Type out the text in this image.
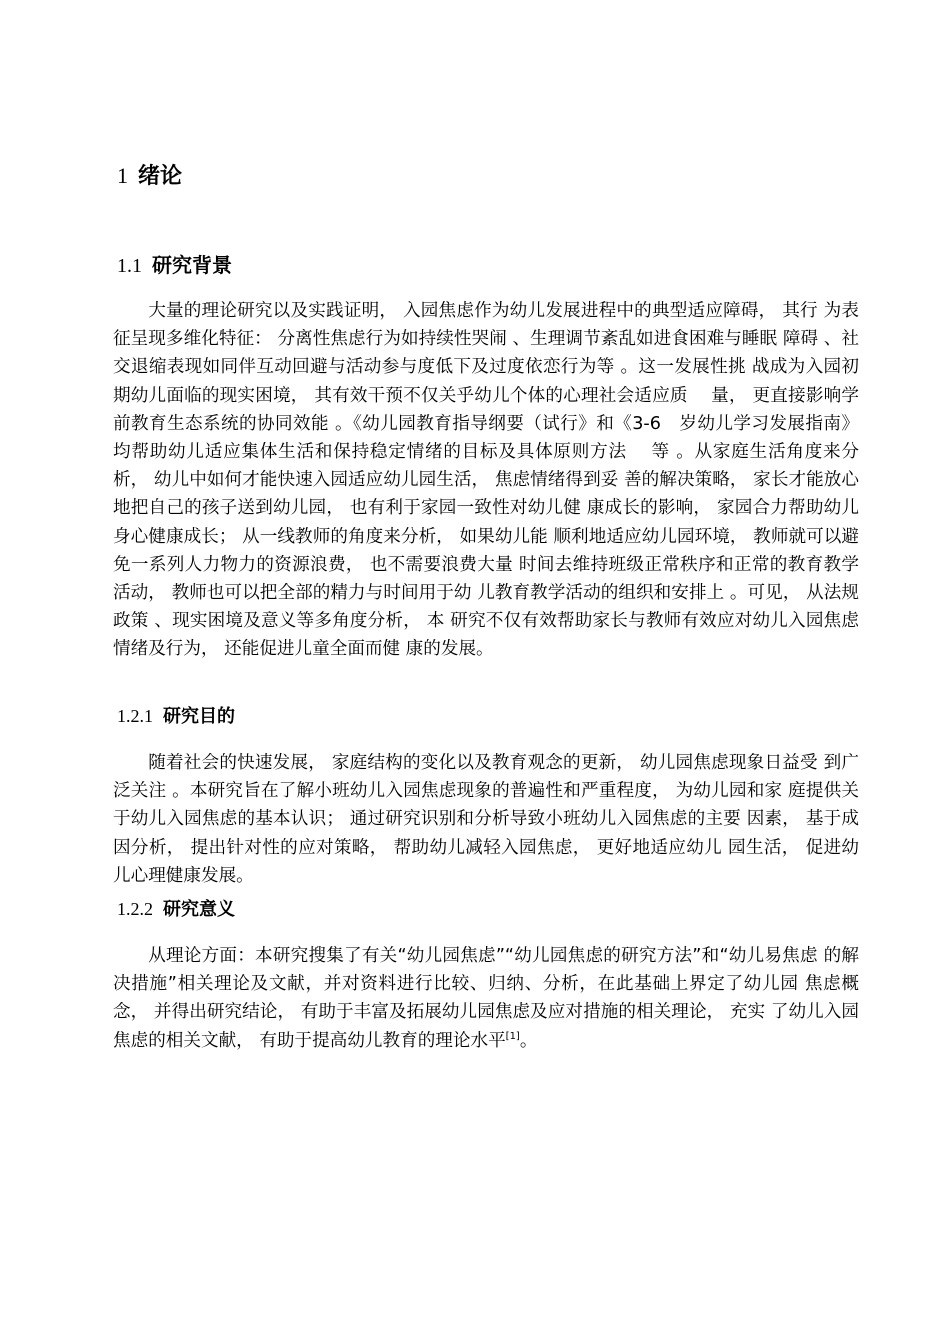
1 绪论
1.1 研究背景

大量的理论研究以及实践证明， 入园焦虑作为幼儿发展进程中的典型适应障碍， 其行 为表征呈现多维化特征： 分离性焦虑行为如持续性哭闹 、生理调节紊乱如进食困难与睡眠 障碍 、社交退缩表现如同伴互动回避与活动参与度低下及过度依恋行为等 。这一发展性挑 战成为入园初期幼儿面临的现实困境， 其有效干预不仅关乎幼儿个体的心理社会适应质　 量， 更直接影响学前教育生态系统的协同效能 。《幼儿园教育指导纲要（试行》和《3-6　岁幼儿学习发展指南》均帮助幼儿适应集体生活和保持稳定情绪的目标及具体原则方法　 等 。从家庭生活角度来分析， 幼儿中如何才能快速入园适应幼儿园生活， 焦虑情绪得到妥 善的解决策略， 家长才能放心地把自己的孩子送到幼儿园， 也有利于家园一致性对幼儿健 康成长的影响， 家园合力帮助幼儿身心健康成长； 从一线教师的角度来分析， 如果幼儿能 顺利地适应幼儿园环境， 教师就可以避免一系列人力物力的资源浪费， 也不需要浪费大量 时间去维持班级正常秩序和正常的教育教学活动， 教师也可以把全部的精力与时间用于幼 儿教育教学活动的组织和安排上 。可见， 从法规政策 、现实困境及意义等多角度分析， 本 研究不仅有效帮助家长与教师有效应对幼儿入园焦虑情绪及行为， 还能促进儿童全面而健 康的发展。

1.2.1 研究目的

随着社会的快速发展， 家庭结构的变化以及教育观念的更新， 幼儿园焦虑现象日益受 到广泛关注 。本研究旨在了解小班幼儿入园焦虑现象的普遍性和严重程度， 为幼儿园和家 庭提供关于幼儿入园焦虑的基本认识； 通过研究识别和分析导致小班幼儿入园焦虑的主要 因素， 基于成因分析， 提出针对性的应对策略， 帮助幼儿减轻入园焦虑， 更好地适应幼儿 园生活， 促进幼儿心理健康发展。

1.2.2 研究意义

从理论方面：本研究搜集了有关“幼儿园焦虑”“幼儿园焦虑的研究方法”和“幼儿易焦虑 的解决措施”相关理论及文献，并对资料进行比较、归纳、分析，在此基础上界定了幼儿园 焦虑概念， 并得出研究结论， 有助于丰富及拓展幼儿园焦虑及应对措施的相关理论， 充实 了幼儿入园焦虑的相关文献， 有助于提高幼儿教育的理论水平[1]。
